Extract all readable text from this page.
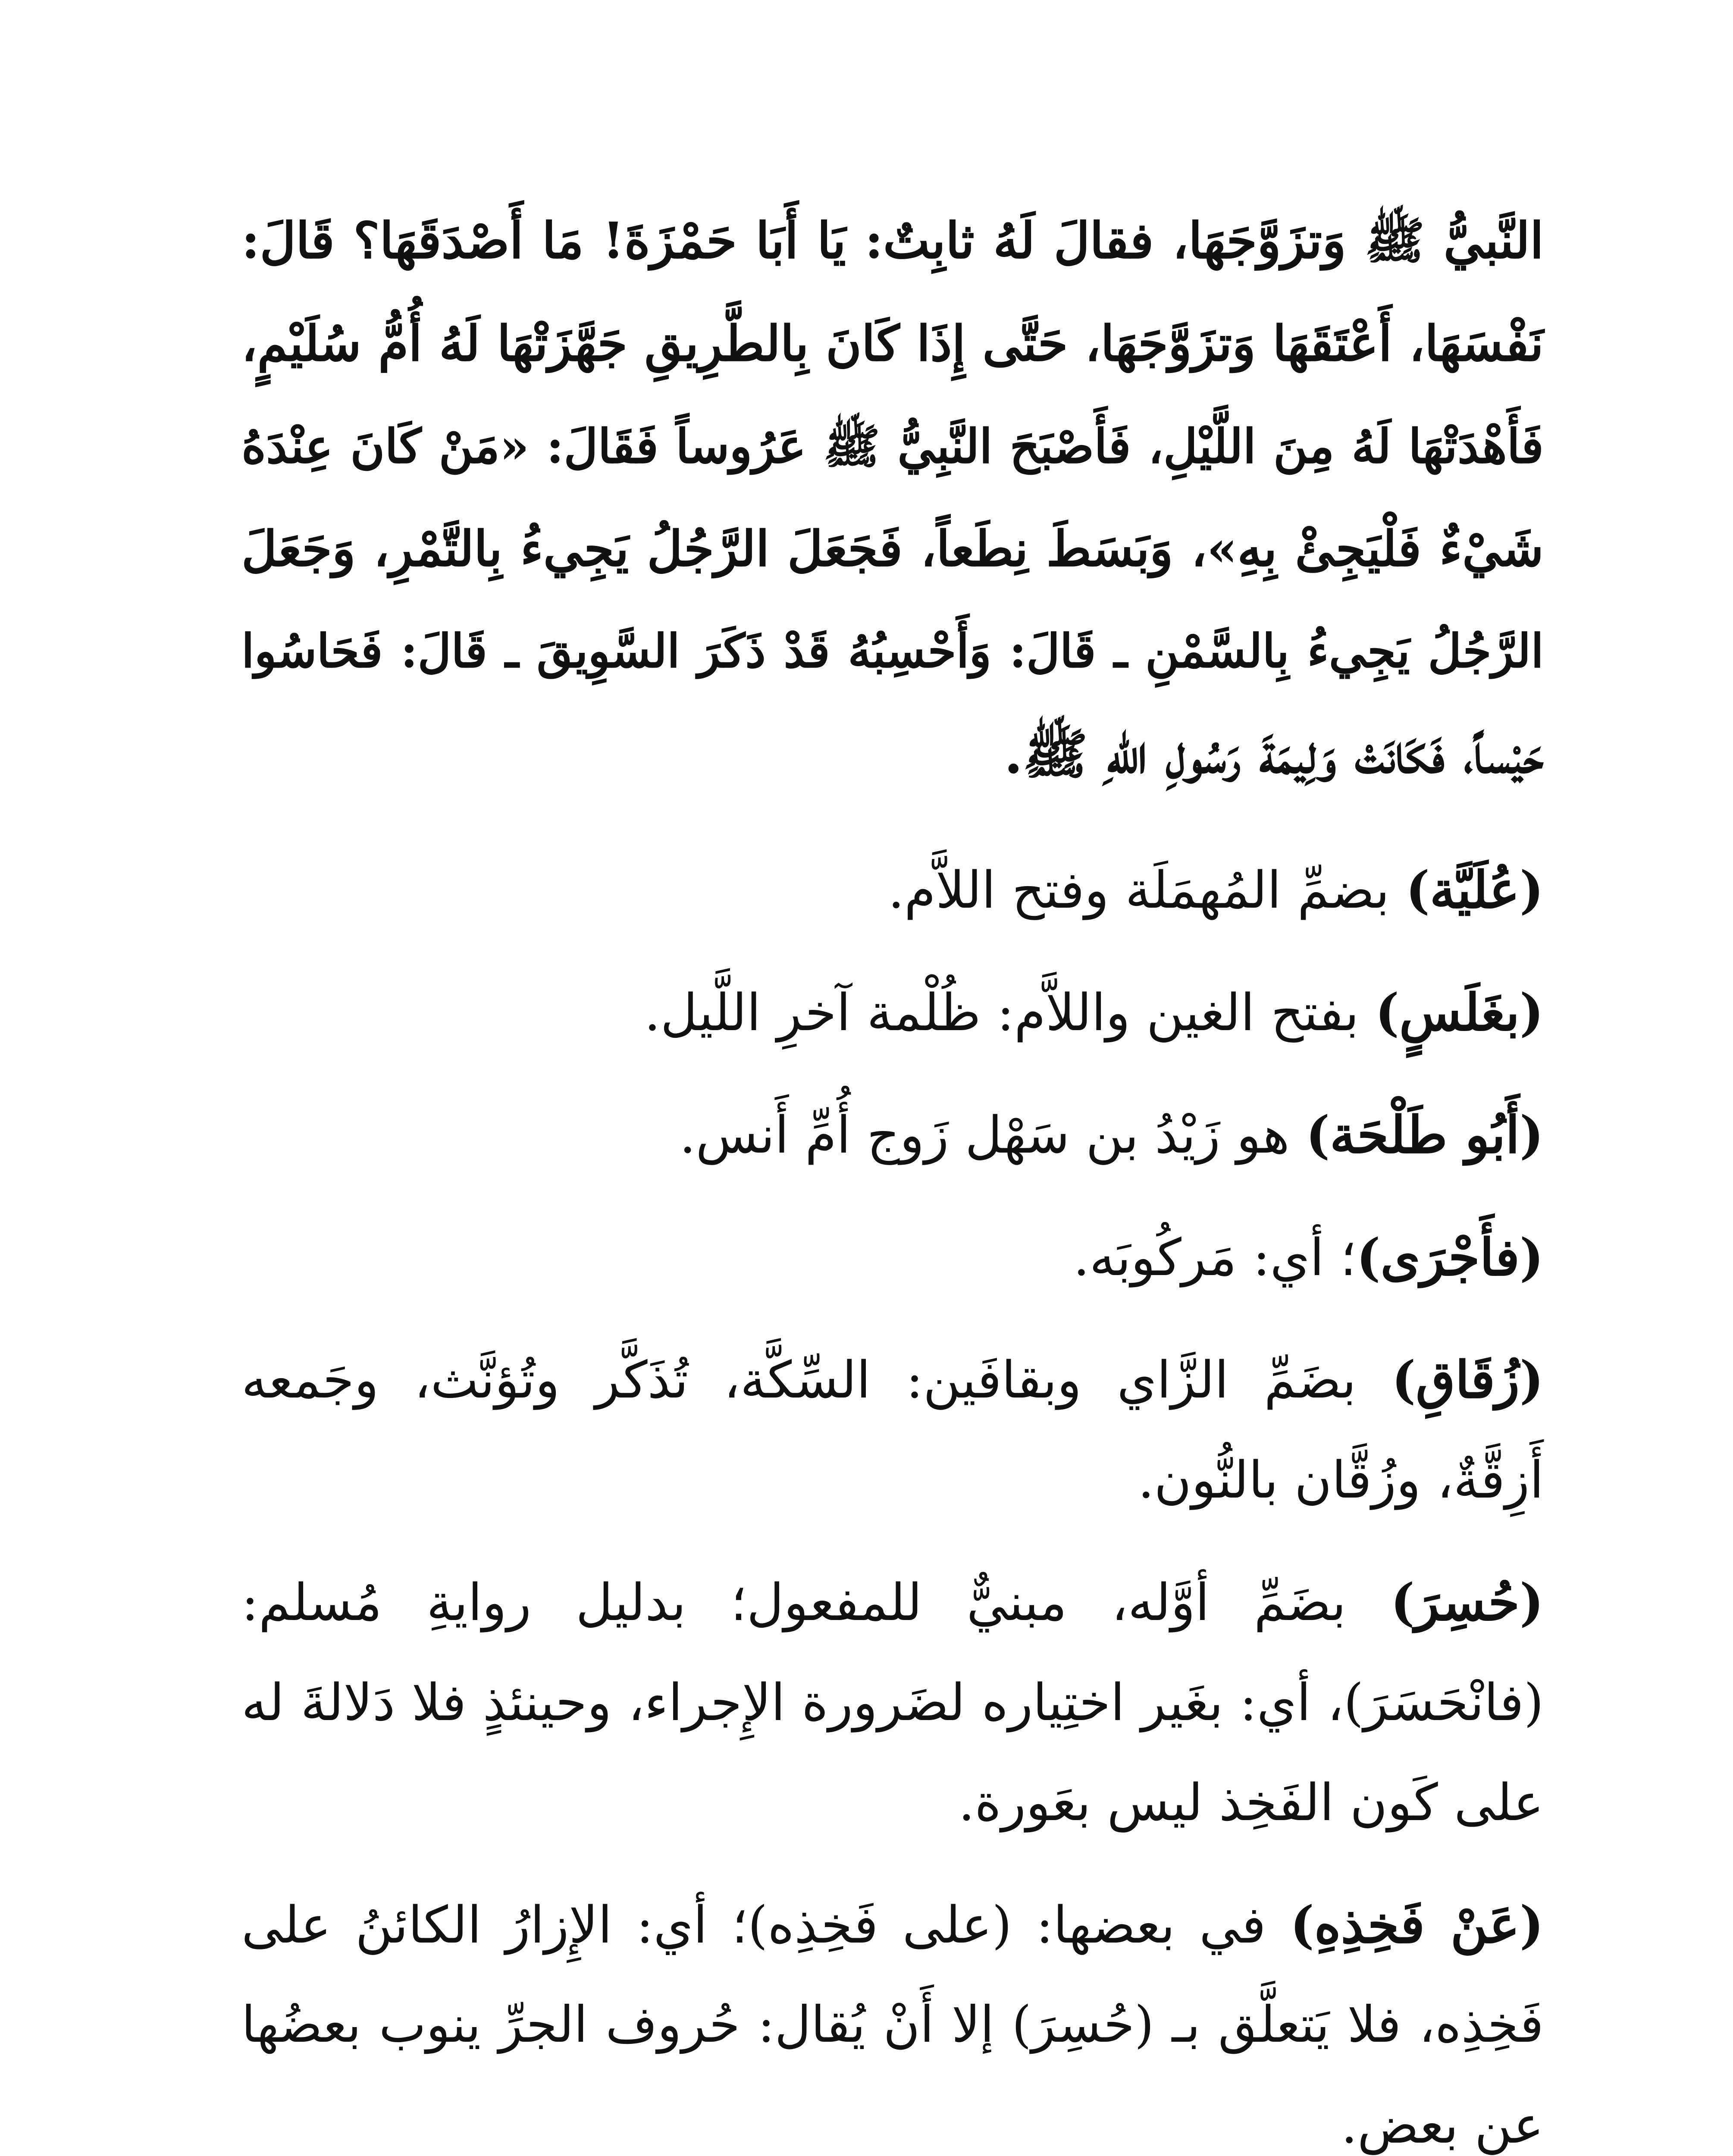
النَّبيُّ ﷺ وَتزَوَّجَهَا، فقالَ لَهُ ثابِتٌ: يَا أَبَا حَمْزَةَ! مَا أَصْدَقَهَا؟ قَالَ:
نَفْسَهَا، أَعْتَقَهَا وَتزَوَّجَهَا، حَتَّى إِذَا كَانَ بِالطَّرِيقِ جَهَّزَتْهَا لَهُ أُمُّ سُلَيْمٍ،
فَأَهْدَتْهَا لَهُ مِنَ اللَّيْلِ، فَأَصْبَحَ النَّبِيُّ ﷺ عَرُوساً فَقَالَ: «مَنْ كَانَ عِنْدَهُ
شَيْءٌ فَلْيَجِئْ بِهِ»، وَبَسَطَ نِطَعاً، فَجَعَلَ الرَّجُلُ يَجِيءُ بِالتَّمْرِ، وَجَعَلَ
الرَّجُلُ يَجِيءُ بِالسَّمْنِ ـ قَالَ: وَأَحْسِبُهُ قَدْ ذَكَرَ السَّوِيقَ ـ قَالَ: فَحَاسُوا
حَيْساً، فَكَانَتْ وَلِيمَةَ رَسُولِ اللهِ ﷺ.
(عُلَيَّة) بضمِّ المُهمَلَة وفتح اللاَّم.
(بغَلَسٍ) بفتح الغين واللاَّم: ظُلْمة آخرِ اللَّيل.
(أَبُو طَلْحَة) هو زَيْدُ بن سَهْل زَوج أُمِّ أَنس.
(فأَجْرَى)؛ أي: مَركُوبَه.
(زُقَاقِ) بضَمِّ الزَّاي وبقافَين: السِّكَّة، تُذَكَّر وتُؤنَّث، وجَمعه
أَزِقَّةٌ، وزُقَّان بالنُّون.
(حُسِرَ) بضَمِّ أوَّله، مبنيٌّ للمفعول؛ بدليل روايةِ مُسلم:
(فانْحَسَرَ)، أي: بغَير اختِياره لضَرورة الإِجراء، وحينئذٍ فلا دَلالةَ له
على كَون الفَخِذ ليس بعَورة.
(عَنْ فَخِذِهِ) في بعضها: (على فَخِذِه)؛ أي: الإِزارُ الكائنُ على
فَخِذِه، فلا يَتعلَّق بـ (حُسِرَ) إلا أَنْ يُقال: حُروف الجرِّ ينوب بعضُها
عن بعضٍ.
